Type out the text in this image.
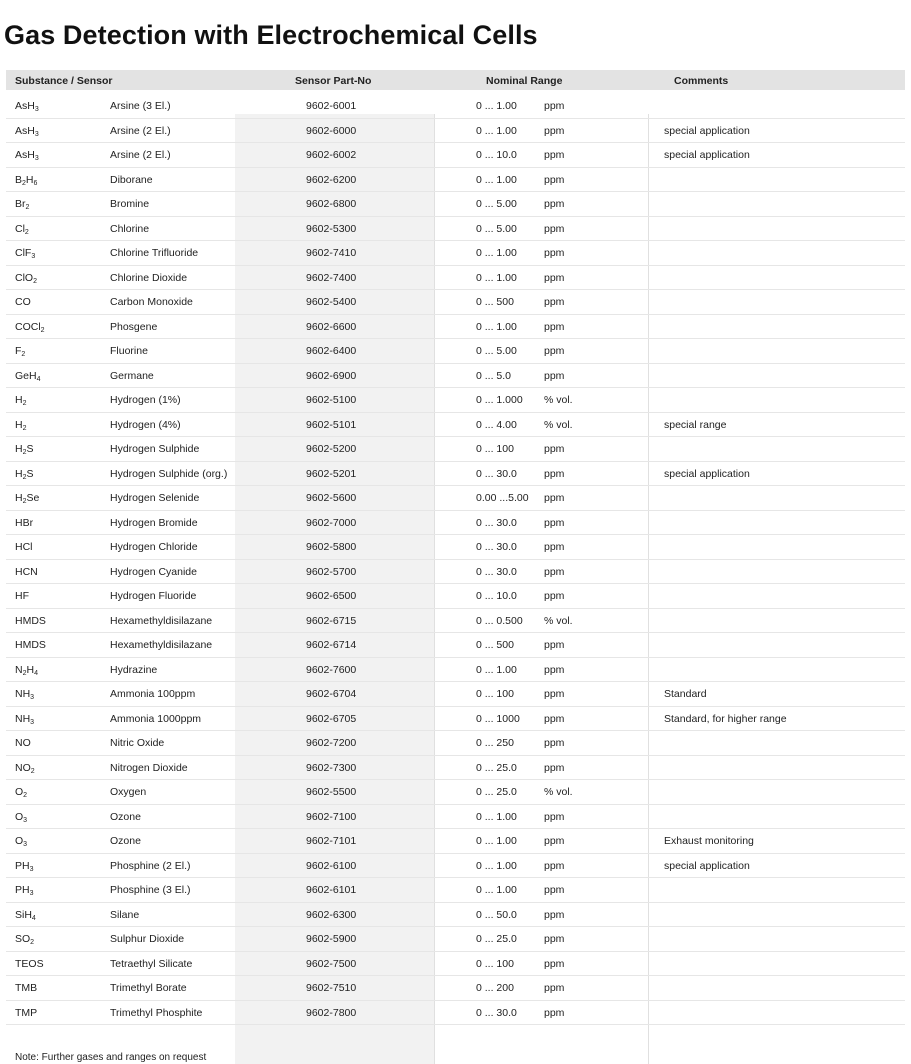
Gas Detection with Electrochemical Cells
Substance / Sensor	Sensor Part-No	Nominal Range	Comments
AsH$_3$	Arsine (3 El.)	9602-6001	0 ... 1.00	ppm
AsH$_3$	Arsine (2 El.)	9602-6000	0 ... 1.00	ppm	special application
AsH$_3$	Arsine (2 El.)	9602-6002	0 ... 10.0	ppm	special application
$B_2H_6$	Diborane	9602-6200	0 ... 1.00	ppm
$Br_2$	Bromine	9602-6800	0 ... 5.00	ppm
$Cl_2$	Chlorine	9602-5300	0 ... 5.00	ppm
ClF$_3$	Chlorine Trifluoride	9602-7410	0 ... 1.00	ppm
ClO$_2$	Chlorine Dioxide	9602-7400	0 ... 1.00	ppm
CO	Carbon Monoxide	9602-5400	0 ... 500	ppm
COCl$_2$	Phosgene	9602-6600	0 ... 1.00	ppm
$F_2$	Fluorine	9602-6400	0 ... 5.00	ppm
GeH$_4$	Germane	9602-6900	0 ... 5.0	ppm
$H_2$	Hydrogen (1%)	9602-5100	0 ... 1.000 % vol.
$H_2$	Hydrogen (4%)	9602-5101	0 ... 4.00	% vol.	special range
$H_2S$	Hydrogen Sulphide	9602-5200	0 ... 100	ppm
$H_2S$	Hydrogen Sulphide (org.)	9602-5201	0 ... 30.0	ppm	special application
$H_2Se$	Hydrogen Selenide	9602-5600	0.00 ...5.00 ppm
HBr	Hydrogen Bromide	9602-7000	0 ... 30.0	ppm
HCl	Hydrogen Chloride	9602-5800	0 ... 30.0	ppm
HCN	Hydrogen Cyanide	9602-5700	0 ... 30.0	ppm
HF	Hydrogen Fluoride	9602-6500	0 ... 10.0	ppm
HMDS	Hexamethyldisilazane	9602-6715	0 ... 0.500 % vol.
HMDS	Hexamethyldisilazane	9602-6714	0 ... 500	ppm
$N_2H_4$	Hydrazine	9602-7600	0 ... 1.00	ppm
$NH_3$	Ammonia 100ppm	9602-6704	0 ... 100	ppm	Standard
$NH_3$	Ammonia 1000ppm	9602-6705	0 ... 1000 ppm	Standard, for higher range
NO	Nitric Oxide	9602-7200	0 ... 250	ppm
$NO_2$	Nitrogen Dioxide	9602-7300	0 ... 25.0	ppm
$O_2$	Oxygen	9602-5500	0 ... 25.0	% vol.
$O_3$	Ozone	9602-7100	0 ... 1.00	ppm
$O_3$	Ozone	9602-7101	0 ... 1.00	ppm	Exhaust monitoring
$PH_3$	Phosphine (2 El.)	9602-6100	0 ... 1.00	ppm	special application
$PH_3$	Phosphine (3 El.)	9602-6101	0 ... 1.00	ppm
SiH$_4$	Silane	9602-6300	0 ... 50.0	ppm
$SO_2$	Sulphur Dioxide	9602-5900	0 ... 25.0	ppm
TEOS	Tetraethyl Silicate	9602-7500	0 ... 100	ppm
TMB	Trimethyl Borate	9602-7510	0 ... 200	ppm
TMP	Trimethyl Phosphite	9602-7800	0 ... 30.0	ppm
Note: Further gases and ranges on request
